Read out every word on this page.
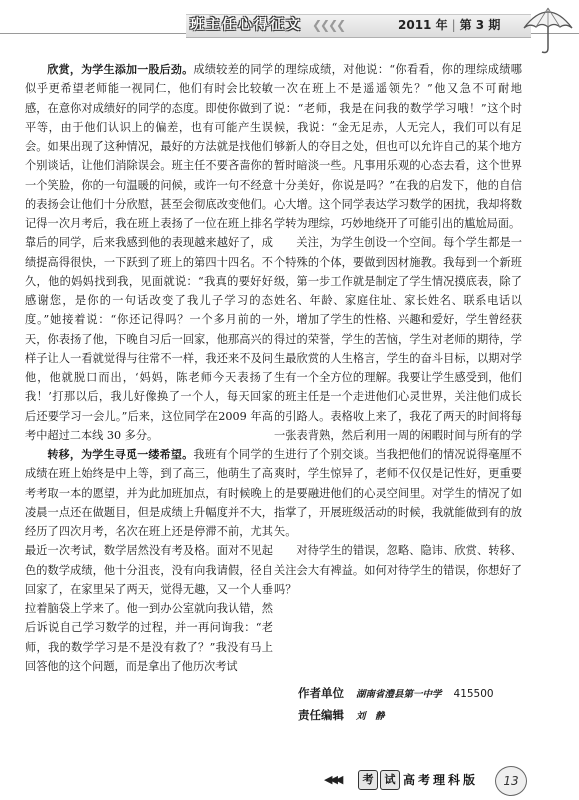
班主任心得征文 ❮❮❮❮	2011 年 | 第 3 期

欣赏，为学生添加一股后劲。成绩较差的同学似乎更希望老师能一视同仁，他们有时会比较敏感，在意你对成绩好的同学的态度。即使你做到了平等，由于他们认识上的偏差，也有可能产生误会。如果出现了这种情况，最好的方法就是找他们个别谈话，让他们消除误会。班主任不要吝啬你的一个笑脸，你的一句温暖的问候，或许一句不经意的表扬会让他们十分欣慰，甚至会彻底改变他们。记得一次月考后，我在班上表扬了一位在班上排名靠后的同学，后来我感到他的表现越来越好了，成绩提高得很快，一下跃到了班上的第四十四名。不久，他的妈妈找到我，见面就说：“我真的要好好感谢您，是你的一句话改变了我儿子学习的态度。”她接着说：“你还记得吗？一个多月前的一天，你表扬了他，下晚自习后一回家，他那高兴的样子让人一看就觉得与往常不一样，我还来不及问他，他就脱口而出，‘妈妈，陈老师今天表扬了我！’打那以后，我儿好像换了一个人，每天回家后还要学习一会儿。”后来，这位同学在2009 年高考中超过二本线 30 多分。

转移，为学生寻觅一缕希望。我班有个同学的成绩在班上始终是中上等，到了高三，他萌生了高考考取一本的愿望，并为此加班加点，有时候晚上凌晨一点还在做题目，但是成绩上升幅度并不大，经历了四次月考，名次在班上还是停滞不前，尤其最近一次考试，数学居然没有考及格。面对不见起色的数学成绩，他十分沮丧，没有向我请假，径自回家了，在家里呆了两天，觉得无趣，又一个人垂拉着脑袋上学来了。他一到办公室就向我认错，然后诉说自己学习数学的过程，并一再问询我：“老师，我的数学学习是不是没有救了？”我没有马上回答他的这个问题，而是拿出了他历次考试

的理综成绩，对他说：“你看看，你的理综成绩哪一次在班上不是遥遥领先？”他又急不可耐地说：“老师，我是在问我的数学学习哦！”这个时候，我说：“金无足赤，人无完人，我们可以有足够新人的夺目之处，但也可以允许自己的某个地方暂时暗淡一些。凡事用乐观的心态去看，这个世界十分美好，你说是吗？”在我的启发下，他的自信心大增。这个同学表达学习数学的困扰，我却将数学转为理综，巧妙地绕开了可能引出的尴尬局面。

关注，为学生创设一个空间。每个学生都是一个特殊的个体，要做到因材施教。我每到一个新班级，第一步工作就是制定了学生情况摸底表，除了姓名、年龄、家庭住址、家长姓名、联系电话以外，增加了学生的性格、兴趣和爱好，学生曾经获得过的荣誉，学生的苦恼，学生对老师的期待，学生最欣赏的人生格言，学生的奋斗目标，以期对学生有一个全方位的理解。我要让学生感受到，他们的班主任是一个走进他们心灵世界，关注他们成长的引路人。表格收上来了，我花了两天的时间将每一张表背熟，然后利用一周的闲暇时间与所有的学生进行了个别交谈。当我把他们的情况说得毫厘不爽时，学生惊异了，老师不仅仅是记性好，更重要的是要融进他们的心灵空间里。对学生的情况了如指掌了，开展班级活动的时候，我就能做到有的放矢。

对待学生的错误，忽略、隐讳、欣赏、转移、关注会大有裨益。如何对待学生的错误，你想好了吗？

作者单位 湖南省澧县第一中学 415500
责任编辑 刘　静
◀◀◀	考	试 高考理科版	13
